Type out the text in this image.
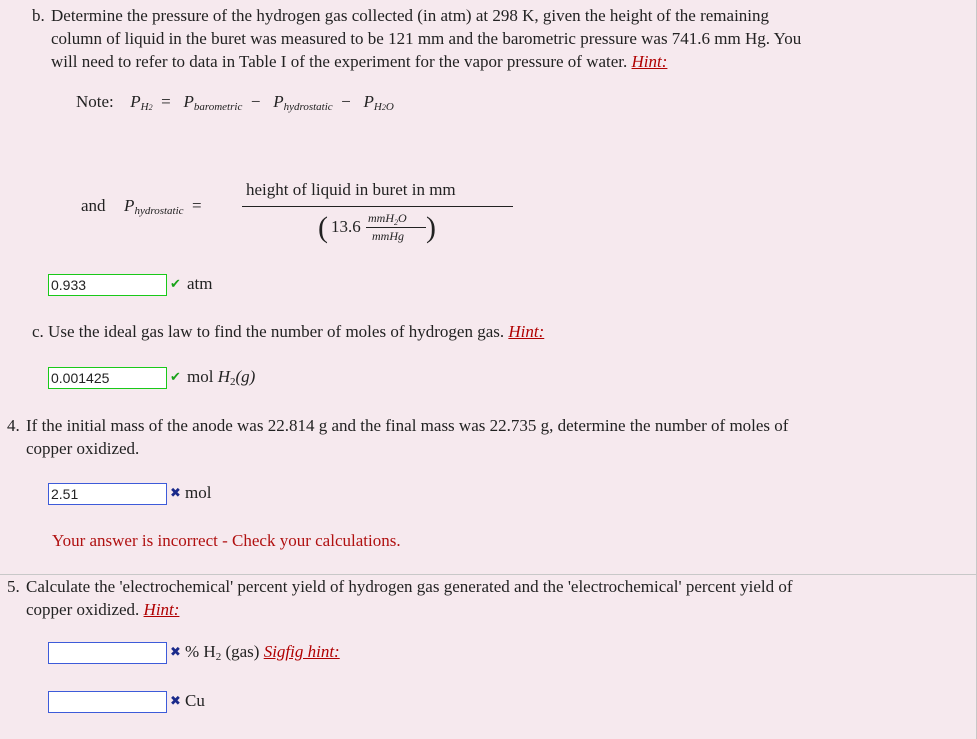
b. Determine the pressure of the hydrogen gas collected (in atm) at 298 K, given the height of the remaining
column of liquid in the buret was measured to be 121 mm and the barometric pressure was 741.6 mm Hg. You
will need to refer to data in Table I of the experiment for the vapor pressure of water. Hint:
Note: $P_{H2} = P_{barometric} - P_{hydrostatic} - P_{H2O}$
and $P_{hydrostatic}$  =
height of liquid in buret in mm
( 13.6 mmH$_2$O
mmHg )
0.933	✔ atm
c. Use the ideal gas law to find the number of moles of hydrogen gas. Hint:
0.001425	✔ mol H2(g)
4. If the initial mass of the anode was 22.814 g and the final mass was 22.735 g, determine the number of moles of
copper oxidized.
2.51	✖ mol
Your answer is incorrect - Check your calculations.
5. Calculate the 'electrochemical' percent yield of hydrogen gas generated and the 'electrochemical' percent yield of
copper oxidized. Hint:
✖ % H2 (gas) Sigfig hint:
✖ Cu
